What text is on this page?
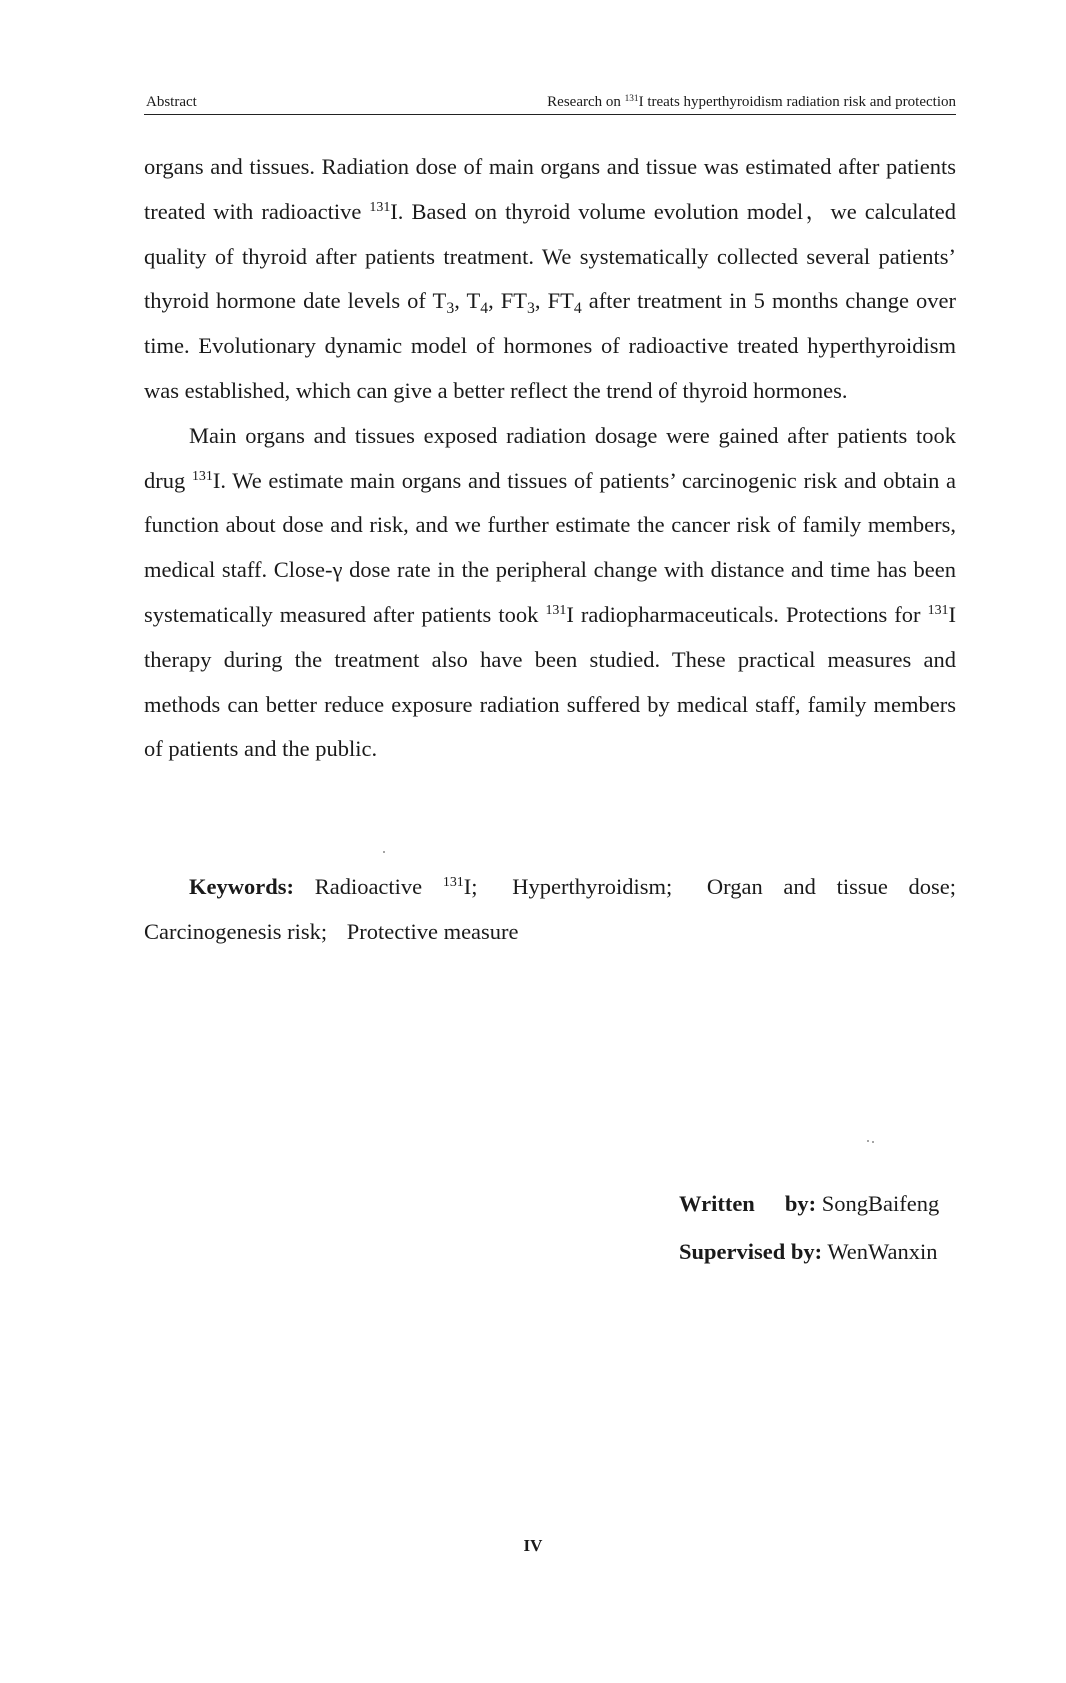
Abstract	Research on $^{131}$I treats hyperthyroidism radiation risk and protection

organs and tissues. Radiation dose of main organs and tissue was estimated after patients treated with radioactive $^{131}$I. Based on thyroid volume evolution model，we calculated quality of thyroid after patients treatment. We systematically collected several patients’ thyroid hormone date levels of $T_3$, $T_4$, $FT_3$, $FT_4$ after treatment in 5 months change over time. Evolutionary dynamic model of hormones of radioactive treated hyperthyroidism was established, which can give a better reflect the trend of thyroid hormones.

Main organs and tissues exposed radiation dosage were gained after patients took drug $^{131}$I. We estimate main organs and tissues of patients’ carcinogenic risk and obtain a function about dose and risk, and we further estimate the cancer risk of family members, medical staff. Close-γ dose rate in the peripheral change with distance and time has been systematically measured after patients took $^{131}$I radiopharmaceuticals. Protections for $^{131}$I therapy during the treatment also have been studied. These practical measures and methods can better reduce exposure radiation suffered by medical staff, family members of patients and the public.

Keywords: Radioactive $^{131}$I; Hyperthyroidism; Organ and tissue dose; Carcinogenesis risk; Protective measure
Written by: SongBaifeng
Supervised by: WenWanxin
IV
